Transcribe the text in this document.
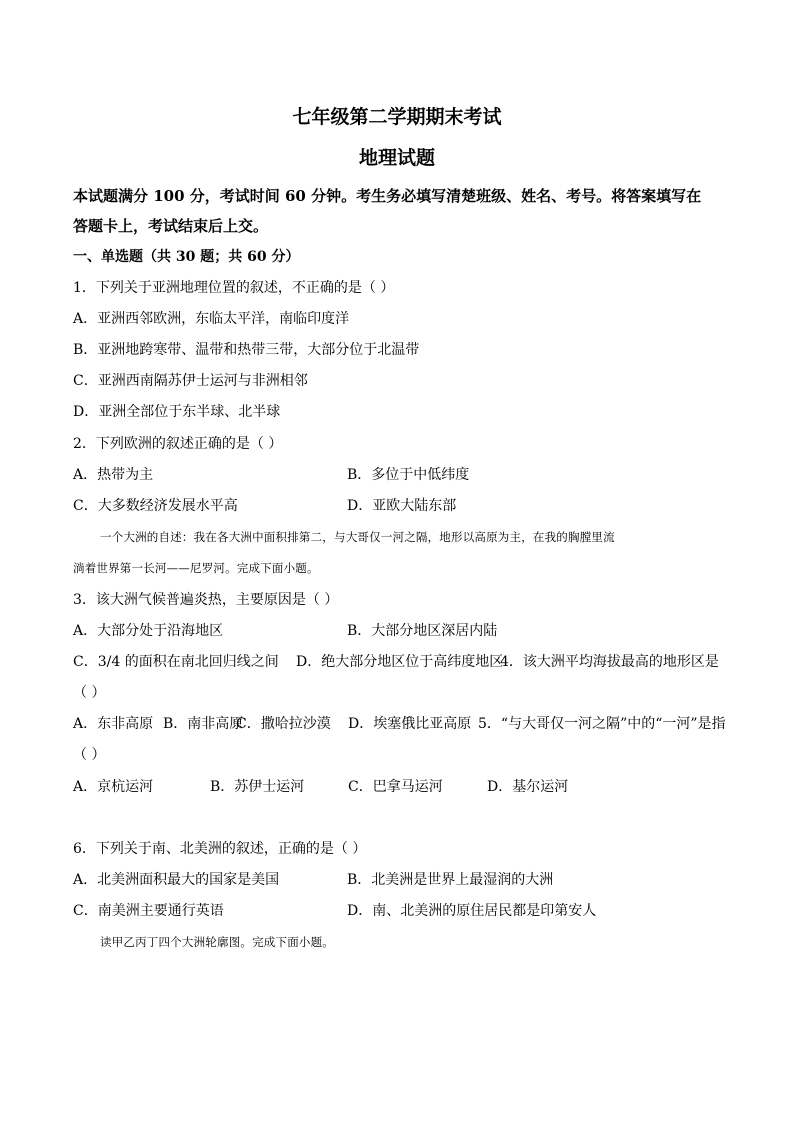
七年级第二学期期末考试
地理试题
本试题满分 100 分，考试时间 60 分钟。考生务必填写清楚班级、姓名、考号。将答案填写在
答题卡上，考试结束后上交。
一、单选题（共 30 题；共 60 分）
1．下列关于亚洲地理位置的叙述，不正确的是（ ）
A．亚洲西邻欧洲，东临太平洋，南临印度洋
B．亚洲地跨寒带、温带和热带三带，大部分位于北温带
C．亚洲西南隔苏伊士运河与非洲相邻
D．亚洲全部位于东半球、北半球
2．下列欧洲的叙述正确的是（ ）
A．热带为主	B．多位于中低纬度
C．大多数经济发展水平高	D．亚欧大陆东部
一个大洲的自述：我在各大洲中面积排第二，与大哥仅一河之隔，地形以高原为主，在我的胸膛里流
淌着世界第一长河——尼罗河。完成下面小题。
3．该大洲气候普遍炎热，主要原因是（ ）
A．大部分处于沿海地区	B．大部分地区深居内陆
C．3/4 的面积在南北回归线之间 D．绝大部分地区位于高纬度地区
4．该大洲平均海拔最高的地形区是
（ ）
A．东非高原 B．南非高原
C．撒哈拉沙漠 D．埃塞俄比亚高原 5．“与大哥仅一河之隔”中的“一河”是指
（ ）
A．京杭运河	B．苏伊士运河	C．巴拿马运河	D．基尔运河
6．下列关于南、北美洲的叙述，正确的是（ ）
A．北美洲面积最大的国家是美国	B．北美洲是世界上最湿润的大洲
C．南美洲主要通行英语	D．南、北美洲的原住居民都是印第安人
读甲乙丙丁四个大洲轮廓图。完成下面小题。
